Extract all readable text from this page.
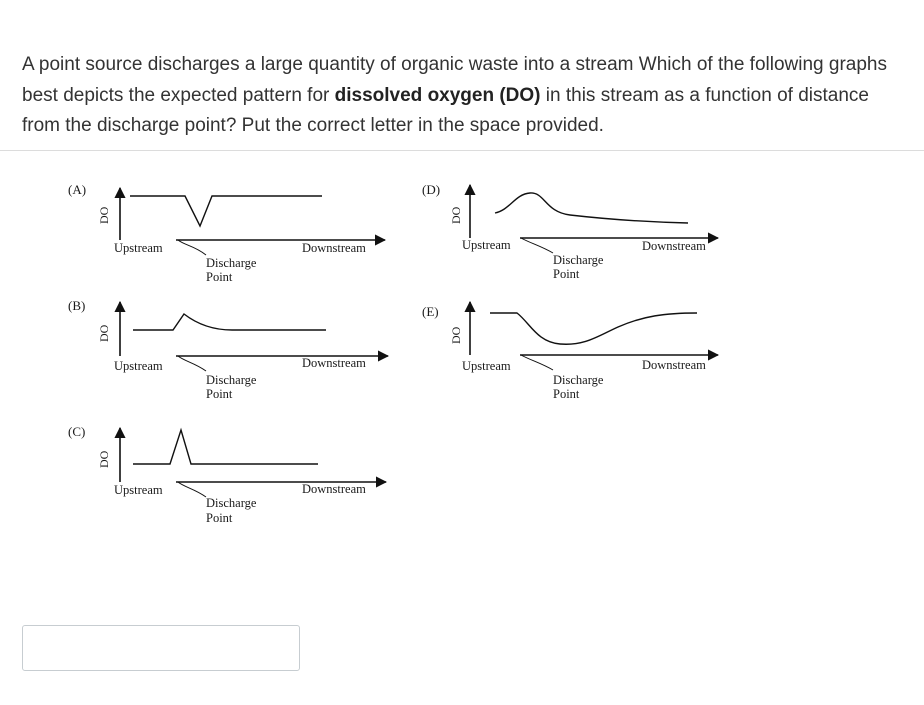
A point source discharges a large quantity of organic waste into a stream Which of the following graphs best depicts the expected pattern for dissolved oxygen (DO) in this stream as a function of distance from the discharge point? Put the correct letter in the space provided.
(A)
DO
Upstream	Downstream
Discharge
Point
(B)
DO
Upstream	Downstream
Discharge
Point
(C)
DO
Upstream	Downstream
Discharge
Point
(D)
DO
Upstream	Downstream
Discharge
Point
(E)
DO
Upstream	Downstream
Discharge
Point
